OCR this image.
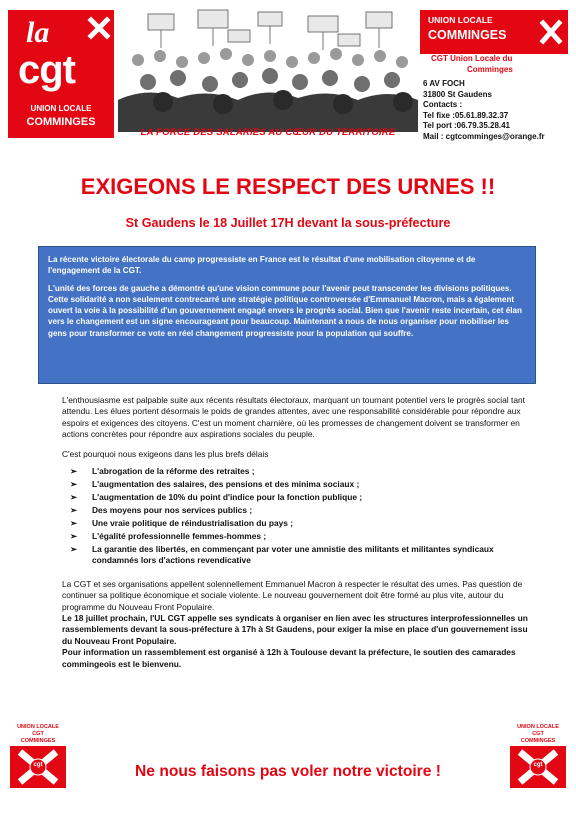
la
cgt
UNION LOCALE
COMMINGES
LA FORCE DES SALARIES AU CŒUR DU TERRITOIRE
UNION LOCALE
COMMINGES
CGT Union Locale du
Comminges
6 AV FOCH
31800 St Gaudens
Contacts :
Tel fixe :05.61.89.32.37
Tel port :06.79.35.28.41
Mail : cgtcomminges@orange.fr
EXIGEONS LE RESPECT DES URNES !!
St Gaudens le 18 Juillet 17H devant la sous-préfecture

La récente victoire électorale du camp progressiste en France est le résultat d'une mobilisation citoyenne et de l'engagement de la CGT.

L'unité des forces de gauche a démontré qu'une vision commune pour l'avenir peut transcender les divisions politiques. Cette solidarité a non seulement contrecarré une stratégie politique controversée d'Emmanuel Macron, mais a également ouvert la voie à la possibilité d'un gouvernement engagé envers le progrès social. Bien que l'avenir reste incertain, cet élan vers le changement est un signe encourageant pour beaucoup. Maintenant a nous de nous organiser pour mobiliser les gens pour transformer ce vote en réel changement progressiste pour la population qui souffre.

L'enthousiasme est palpable suite aux récents résultats électoraux, marquant un tournant potentiel vers le progrès social tant attendu. Les élues portent désormais le poids de grandes attentes, avec une responsabilité considérable pour répondre aux espoirs et exigences des citoyens. C'est un moment charnière, où les promesses de changement doivent se transformer en actions concrètes pour répondre aux aspirations sociales du peuple.

C'est pourquoi nous exigeons dans les plus brefs délais

➢ L'abrogation de la réforme des retraites ;
➢ L'augmentation des salaires, des pensions et des minima sociaux ;
➢ L'augmentation de 10% du point d'indice pour la fonction publique ;
➢ Des moyens pour nos services publics ;
➢ Une vraie politique de réindustrialisation du pays ;
➢ L'égalité professionnelle femmes-hommes ;
➢ La garantie des libertés, en commençant par voter une amnistie des militants et militantes syndicaux condamnés lors d'actions revendicative

La CGT et ses organisations appellent solennellement Emmanuel Macron à respecter le résultat des urnes. Pas question de continuer sa politique économique et sociale violente. Le nouveau gouvernement doit être formé au plus vite, autour du programme du Nouveau Front Populaire.

Le 18 juillet prochain, l'UL CGT appelle ses syndicats à organiser en lien avec les structures interprofessionnelles un rassemblements devant la sous-préfecture à 17h à St Gaudens, pour exiger la mise en place d'un gouvernement issu du Nouveau Front Populaire.

Pour information un rassemblement est organisé à 12h à Toulouse devant la préfecture, le soutien des camarades commingeois est le bienvenu.

UNION LOCALE
CGT
COMMINGES
cgt
UNION LOCALE
CGT
COMMINGES
cgt
Ne nous faisons pas voler notre victoire !
